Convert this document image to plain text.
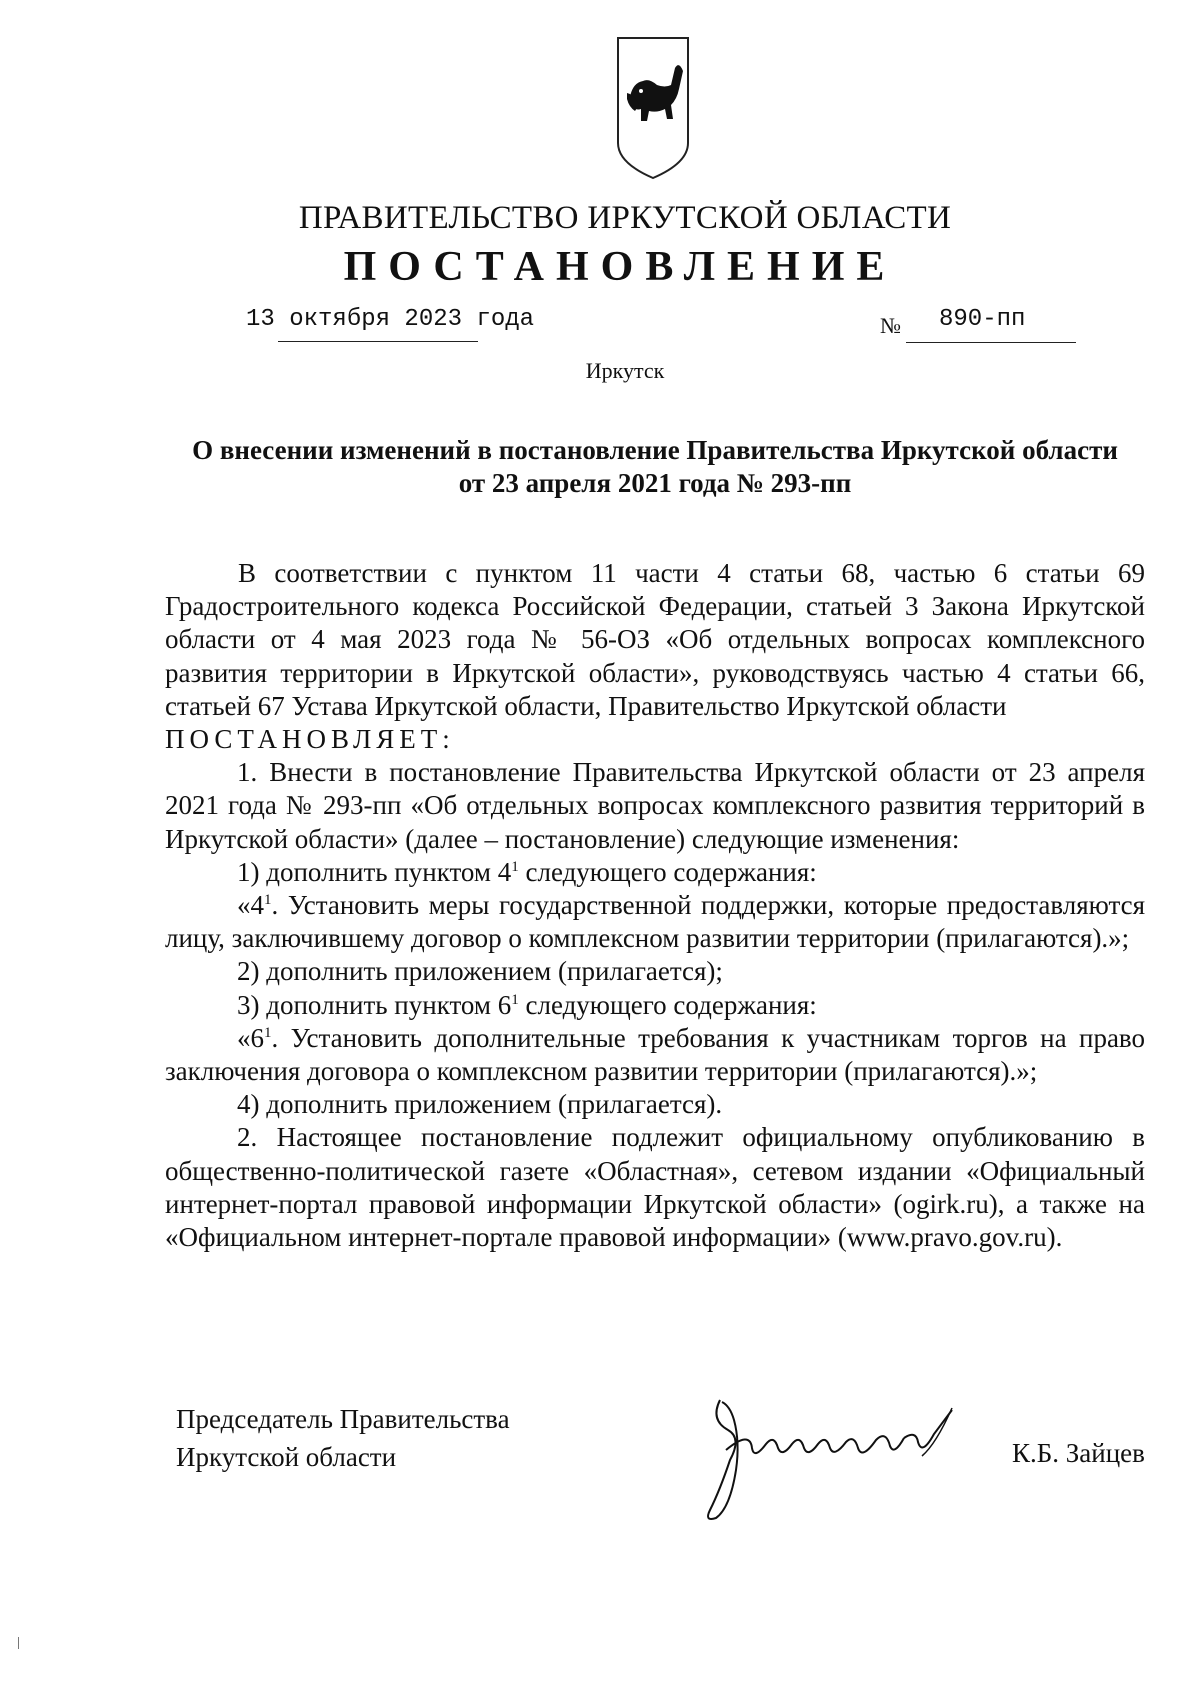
ПРАВИТЕЛЬСТВО ИРКУТСКОЙ ОБЛАСТИ
ПОСТАНОВЛЕНИЕ
13 октября 2023 года	№ 890-пп
Иркутск
О внесении изменений в постановление Правительства Иркутской области
от 23 апреля 2021 года № 293-пп

В соответствии с пунктом 11 части 4 статьи 68, частью 6 статьи 69 Градостроительного кодекса Российской Федерации, статьей 3 Закона Иркутской области от 4 мая 2023 года № 56-ОЗ «Об отдельных вопросах комплексного развития территории в Иркутской области», руководствуясь частью 4 статьи 66, статьей 67 Устава Иркутской области, Правительство Иркутской области

ПОСТАНОВЛЯЕТ:

1. Внести в постановление Правительства Иркутской области от 23 апреля 2021 года № 293-пп «Об отдельных вопросах комплексного развития территорий в Иркутской области» (далее – постановление) следующие изменения:

1) дополнить пунктом $4^1$ следующего содержания:

«$4^1$. Установить меры государственной поддержки, которые предоставляются лицу, заключившему договор о комплексном развитии территории (прилагаются).»;

2) дополнить приложением (прилагается);

3) дополнить пунктом $6^1$ следующего содержания:

«$6^1$. Установить дополнительные требования к участникам торгов на право заключения договора о комплексном развитии территории (прилагаются).»;

4) дополнить приложением (прилагается).

2. Настоящее постановление подлежит официальному опубликованию в общественно-политической газете «Областная», сетевом издании «Официальный интернет-портал правовой информации Иркутской области» (ogirk.ru), а также на «Официальном интернет-портале правовой информации» (www.pravo.gov.ru).

Председатель Правительства
Иркутской области	К.Б. Зайцев
